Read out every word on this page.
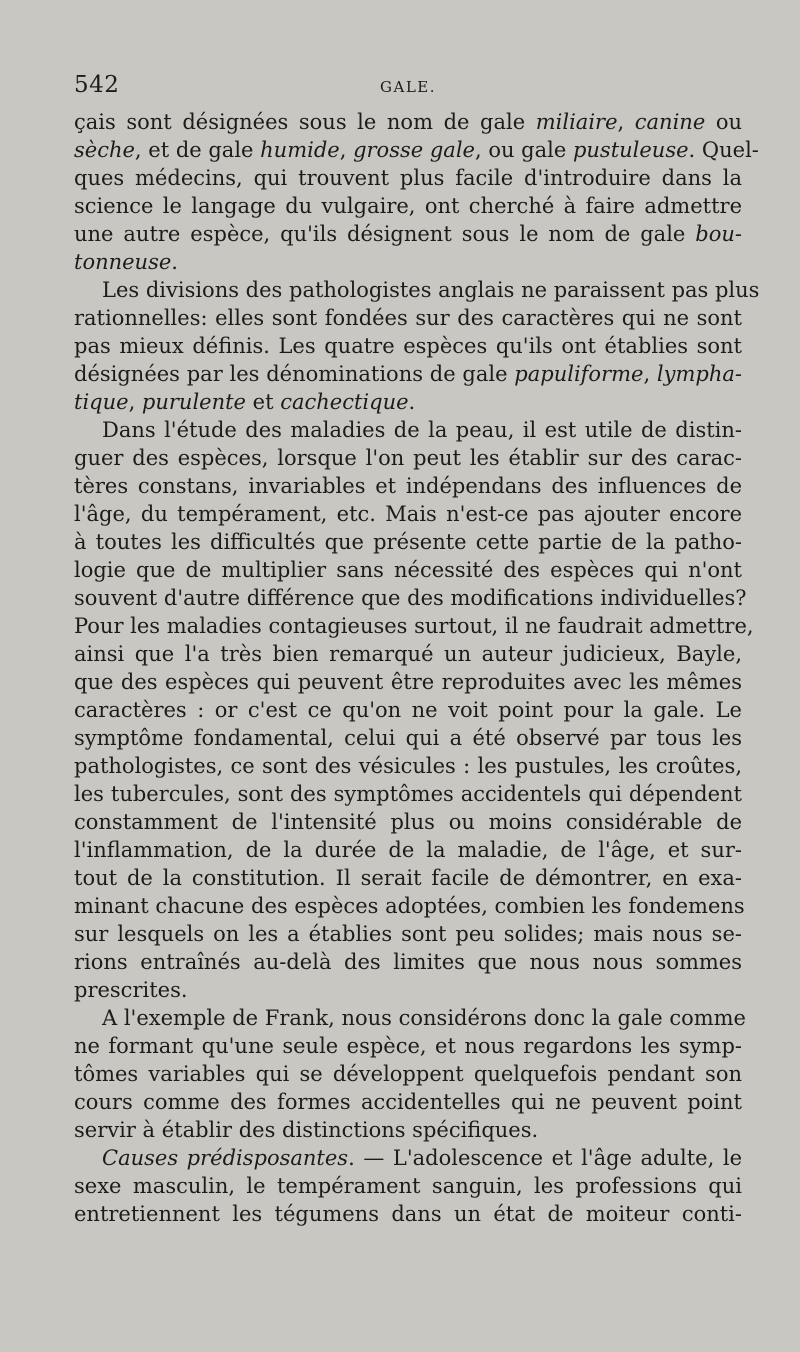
542	GALE.
çais sont désignées sous le nom de gale miliaire, canine ou
sèche, et de gale humide, grosse gale, ou gale pustuleuse. Quel-
ques médecins, qui trouvent plus facile d'introduire dans la
science le langage du vulgaire, ont cherché à faire admettre
une autre espèce, qu'ils désignent sous le nom de gale bou-
tonneuse.
Les divisions des pathologistes anglais ne paraissent pas plus
rationnelles: elles sont fondées sur des caractères qui ne sont
pas mieux définis. Les quatre espèces qu'ils ont établies sont
désignées par les dénominations de gale papuliforme, lympha-
tique, purulente et cachectique.
Dans l'étude des maladies de la peau, il est utile de distin-
guer des espèces, lorsque l'on peut les établir sur des carac-
tères constans, invariables et indépendans des influences de
l'âge, du tempérament, etc. Mais n'est-ce pas ajouter encore
à toutes les difficultés que présente cette partie de la patho-
logie que de multiplier sans nécessité des espèces qui n'ont
souvent d'autre différence que des modifications individuelles?
Pour les maladies contagieuses surtout, il ne faudrait admettre,
ainsi que l'a très bien remarqué un auteur judicieux, Bayle,
que des espèces qui peuvent être reproduites avec les mêmes
caractères : or c'est ce qu'on ne voit point pour la gale. Le
symptôme fondamental, celui qui a été observé par tous les
pathologistes, ce sont des vésicules : les pustules, les croûtes,
les tubercules, sont des symptômes accidentels qui dépendent
constamment de l'intensité plus ou moins considérable de
l'inflammation, de la durée de la maladie, de l'âge, et sur-
tout de la constitution. Il serait facile de démontrer, en exa-
minant chacune des espèces adoptées, combien les fondemens
sur lesquels on les a établies sont peu solides; mais nous se-
rions entraînés au-delà des limites que nous nous sommes
prescrites.
A l'exemple de Frank, nous considérons donc la gale comme
ne formant qu'une seule espèce, et nous regardons les symp-
tômes variables qui se développent quelquefois pendant son
cours comme des formes accidentelles qui ne peuvent point
servir à établir des distinctions spécifiques.
Causes prédisposantes. — L'adolescence et l'âge adulte, le
sexe masculin, le tempérament sanguin, les professions qui
entretiennent les tégumens dans un état de moiteur conti-
